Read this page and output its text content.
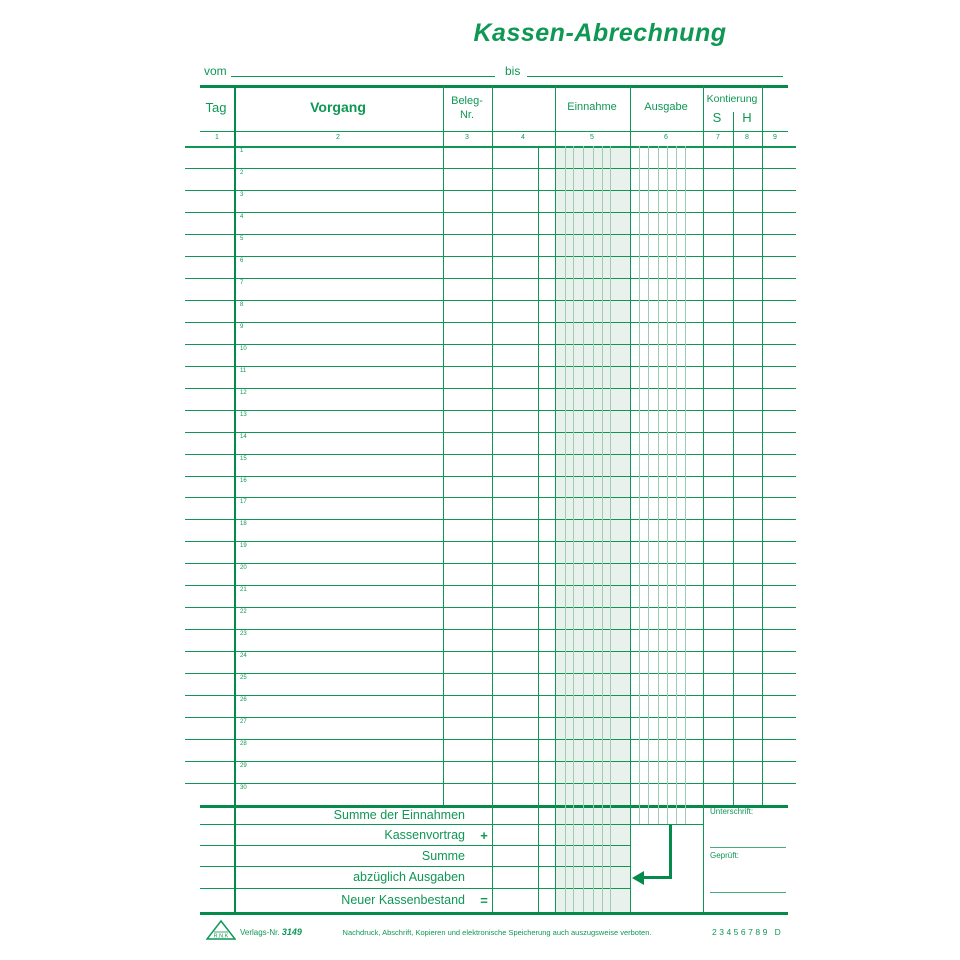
Kassen-Abrechnung
vom	bis
Tag	Vorgang	Beleg-
Nr.
Einnahme	Ausgabe
Kontierung
S H
Unterschrift:
Geprüft:
R.N.K Verlags-Nr. 3149	Nachdruck, Abschrift, Kopieren und elektronische Speicherung auch auszugsweise verboten.	23456789 D
1	2	3	4	5	6	7	8	9
1
2
3
4
5
6
7
8
9
10
11
12
13
14
15
16
17
18
19
20
21
22
23
24
25
26
27
28
29
30
Summe der Einnahmen
Kassenvortrag +
Summe
abzüglich Ausgaben
Neuer Kassenbestand =
